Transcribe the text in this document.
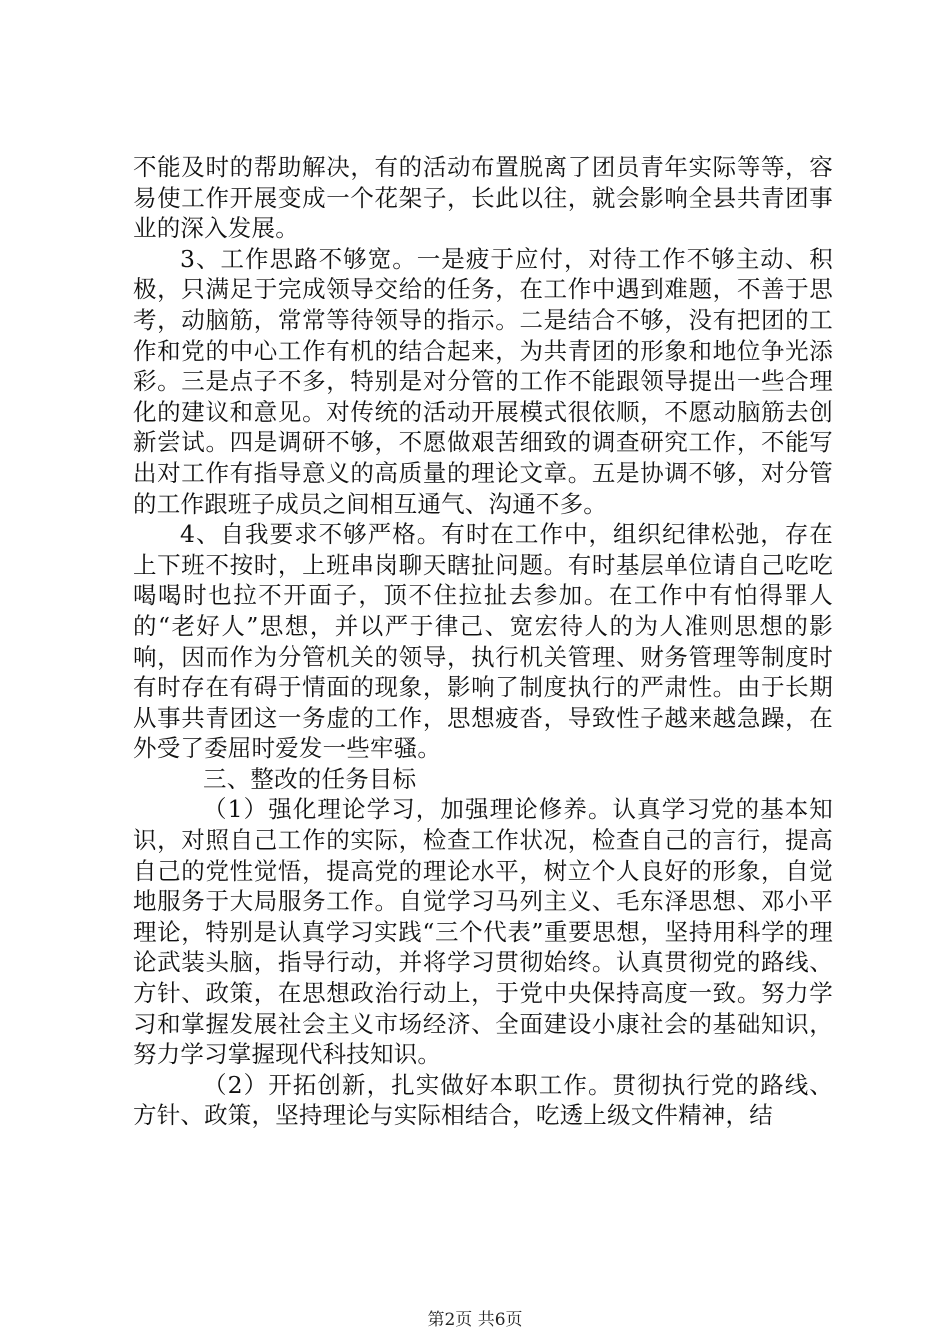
不能及时的帮助解决，有的活动布置脱离了团员青年实际等等，容易使工作开展变成一个花架子，长此以往，就会影响全县共青团事业的深入发展。

3、工作思路不够宽。一是疲于应付，对待工作不够主动、积极，只满足于完成领导交给的任务，在工作中遇到难题，不善于思考，动脑筋，常常等待领导的指示。二是结合不够，没有把团的工作和党的中心工作有机的结合起来，为共青团的形象和地位争光添彩。三是点子不多，特别是对分管的工作不能跟领导提出一些合理化的建议和意见。对传统的活动开展模式很依顺，不愿动脑筋去创新尝试。四是调研不够，不愿做艰苦细致的调查研究工作，不能写出对工作有指导意义的高质量的理论文章。五是协调不够，对分管的工作跟班子成员之间相互通气、沟通不多。

4、自我要求不够严格。有时在工作中，组织纪律松弛，存在上下班不按时，上班串岗聊天瞎扯问题。有时基层单位请自己吃吃喝喝时也拉不开面子，顶不住拉扯去参加。在工作中有怕得罪人的“老好人”思想，并以严于律己、宽宏待人的为人准则思想的影响，因而作为分管机关的领导，执行机关管理、财务管理等制度时有时存在有碍于情面的现象，影响了制度执行的严肃性。由于长期从事共青团这一务虚的工作，思想疲沓，导致性子越来越急躁，在外受了委屈时爱发一些牢骚。

三、整改的任务目标

（1）强化理论学习，加强理论修养。认真学习党的基本知识，对照自己工作的实际，检查工作状况，检查自己的言行，提高自己的党性觉悟，提高党的理论水平，树立个人良好的形象，自觉地服务于大局服务工作。自觉学习马列主义、毛东泽思想、邓小平理论，特别是认真学习实践“三个代表”重要思想，坚持用科学的理论武装头脑，指导行动，并将学习贯彻始终。认真贯彻党的路线、方针、政策，在思想政治行动上，于党中央保持高度一致。努力学习和掌握发展社会主义市场经济、全面建设小康社会的基础知识，努力学习掌握现代科技知识。

（2）开拓创新，扎实做好本职工作。贯彻执行党的路线、方针、政策，坚持理论与实际相结合，吃透上级文件精神，结

第2页 共6页
